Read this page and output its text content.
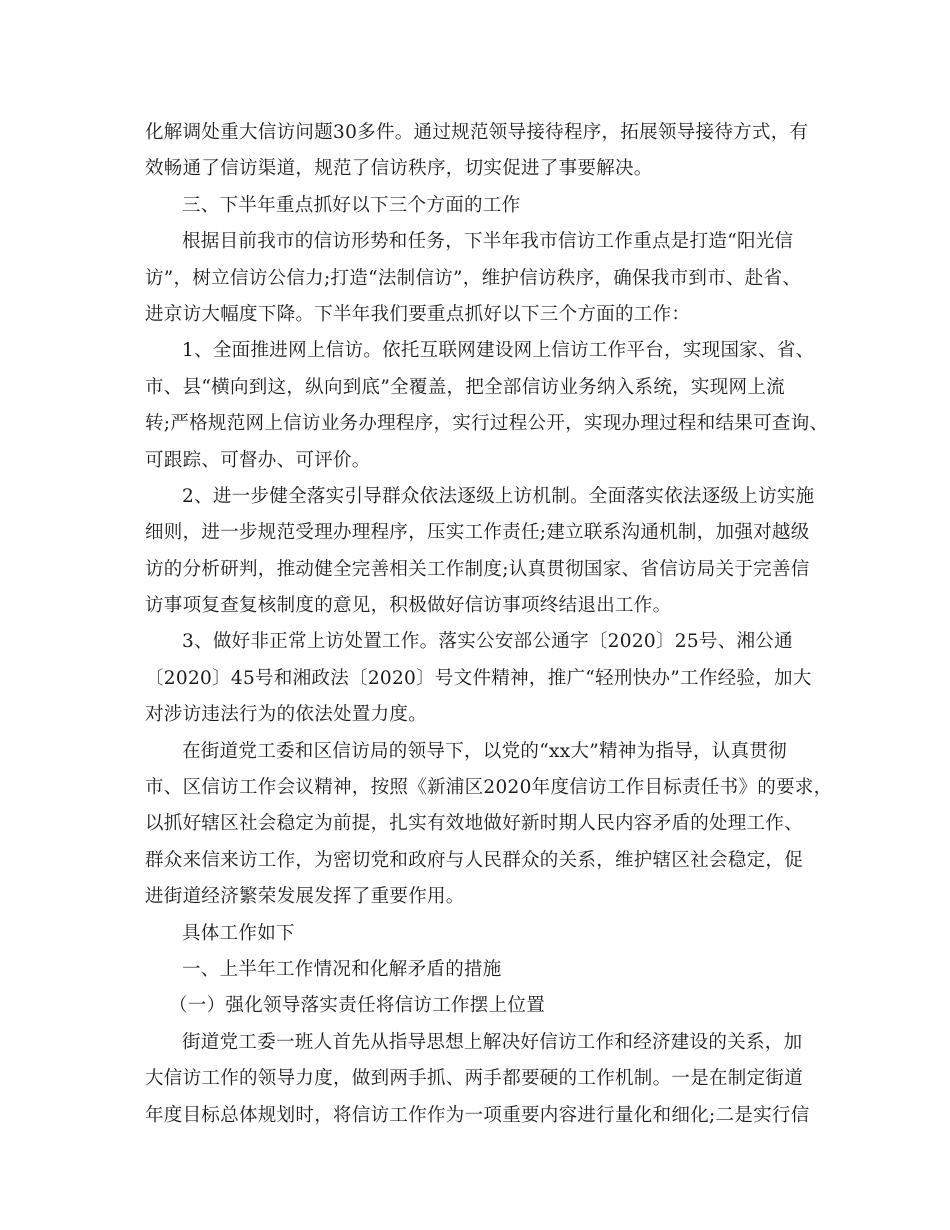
化解调处重大信访问题30多件。通过规范领导接待程序，拓展领导接待方式，有
效畅通了信访渠道，规范了信访秩序，切实促进了事要解决。
三、下半年重点抓好以下三个方面的工作
根据目前我市的信访形势和任务，下半年我市信访工作重点是打造“阳光信
访”，树立信访公信力;打造“法制信访”，维护信访秩序，确保我市到市、赴省、
进京访大幅度下降。下半年我们要重点抓好以下三个方面的工作：
1、全面推进网上信访。依托互联网建设网上信访工作平台，实现国家、省、
市、县“横向到这，纵向到底”全覆盖，把全部信访业务纳入系统，实现网上流
转;严格规范网上信访业务办理程序，实行过程公开，实现办理过程和结果可查询、
可跟踪、可督办、可评价。
2、进一步健全落实引导群众依法逐级上访机制。全面落实依法逐级上访实施
细则，进一步规范受理办理程序，压实工作责任;建立联系沟通机制，加强对越级
访的分析研判，推动健全完善相关工作制度;认真贯彻国家、省信访局关于完善信
访事项复查复核制度的意见，积极做好信访事项终结退出工作。
3、做好非正常上访处置工作。落实公安部公通字〔2020〕25号、湘公通
〔2020〕45号和湘政法〔2020〕号文件精神，推广“轻刑快办”工作经验，加大
对涉访违法行为的依法处置力度。
在街道党工委和区信访局的领导下，以党的“xx大”精神为指导，认真贯彻
市、区信访工作会议精神，按照《新浦区2020年度信访工作目标责任书》的要求，
以抓好辖区社会稳定为前提，扎实有效地做好新时期人民内容矛盾的处理工作、
群众来信来访工作，为密切党和政府与人民群众的关系，维护辖区社会稳定，促
进街道经济繁荣发展发挥了重要作用。
具体工作如下
一、上半年工作情况和化解矛盾的措施
（一）强化领导落实责任将信访工作摆上位置
街道党工委一班人首先从指导思想上解决好信访工作和经济建设的关系，加
大信访工作的领导力度，做到两手抓、两手都要硬的工作机制。一是在制定街道
年度目标总体规划时，将信访工作作为一项重要内容进行量化和细化;二是实行信
